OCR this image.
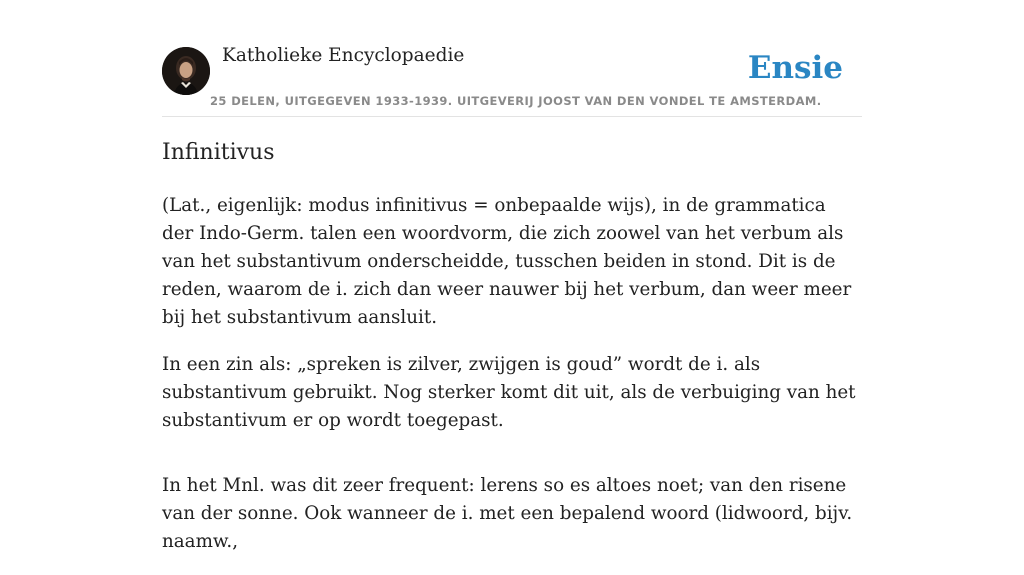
Katholieke Encyclopaedie	Ensie
25 DELEN, UITGEGEVEN 1933-1939. UITGEVERIJ JOOST VAN DEN VONDEL TE AMSTERDAM.
Infinitivus

(Lat., eigenlijk: modus infinitivus = onbepaalde wijs), in de grammatica der Indo-Germ. talen een woordvorm, die zich zoowel van het verbum als van het substantivum onderscheidde, tusschen beiden in stond. Dit is de reden, waarom de i. zich dan weer nauwer bij het verbum, dan weer meer bij het substantivum aansluit.

In een zin als: „spreken is zilver, zwijgen is goud” wordt de i. als substantivum gebruikt. Nog sterker komt dit uit, als de verbuiging van het substantivum er op wordt toegepast.

In het Mnl. was dit zeer frequent: lerens so es altoes noet; van den risene van der sonne. Ook wanneer de i. met een bepalend woord (lidwoord, bijv. naamw.,
